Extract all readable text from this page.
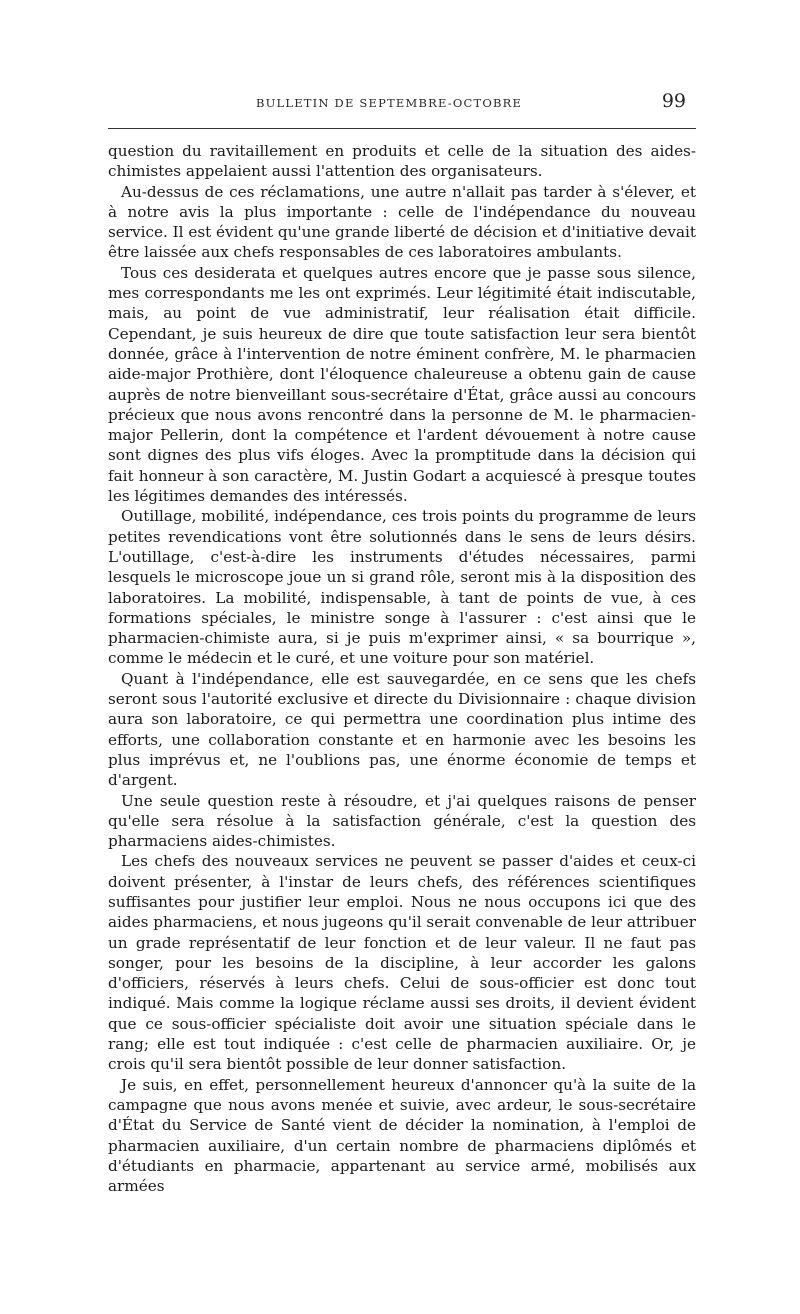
BULLETIN DE SEPTEMBRE-OCTOBRE	99

question du ravitaillement en produits et celle de la situation des aides-chimistes appelaient aussi l'attention des organisateurs.

Au-dessus de ces réclamations, une autre n'allait pas tarder à s'élever, et à notre avis la plus importante : celle de l'indépendance du nouveau service. Il est évident qu'une grande liberté de décision et d'initiative devait être laissée aux chefs responsables de ces laboratoires ambulants.

Tous ces desiderata et quelques autres encore que je passe sous silence, mes correspondants me les ont exprimés. Leur légitimité était indiscutable, mais, au point de vue administratif, leur réalisation était difficile. Cependant, je suis heureux de dire que toute satisfaction leur sera bientôt donnée, grâce à l'intervention de notre éminent confrère, M. le pharmacien aide-major Prothière, dont l'éloquence chaleureuse a obtenu gain de cause auprès de notre bienveillant sous-secrétaire d'État, grâce aussi au concours précieux que nous avons rencontré dans la personne de M. le pharmacien-major Pellerin, dont la compétence et l'ardent dévouement à notre cause sont dignes des plus vifs éloges. Avec la promptitude dans la décision qui fait honneur à son caractère, M. Justin Godart a acquiescé à presque toutes les légitimes demandes des intéressés.

Outillage, mobilité, indépendance, ces trois points du programme de leurs petites revendications vont être solutionnés dans le sens de leurs désirs. L'outillage, c'est-à-dire les instruments d'études nécessaires, parmi lesquels le microscope joue un si grand rôle, seront mis à la disposition des laboratoires. La mobilité, indispensable, à tant de points de vue, à ces formations spéciales, le ministre songe à l'assurer : c'est ainsi que le pharmacien-chimiste aura, si je puis m'exprimer ainsi, « sa bourrique », comme le médecin et le curé, et une voiture pour son matériel.

Quant à l'indépendance, elle est sauvegardée, en ce sens que les chefs seront sous l'autorité exclusive et directe du Divisionnaire : chaque division aura son laboratoire, ce qui permettra une coordination plus intime des efforts, une collaboration constante et en harmonie avec les besoins les plus imprévus et, ne l'oublions pas, une énorme économie de temps et d'argent.

Une seule question reste à résoudre, et j'ai quelques raisons de penser qu'elle sera résolue à la satisfaction générale, c'est la question des pharmaciens aides-chimistes.

Les chefs des nouveaux services ne peuvent se passer d'aides et ceux-ci doivent présenter, à l'instar de leurs chefs, des références scientifiques suffisantes pour justifier leur emploi. Nous ne nous occupons ici que des aides pharmaciens, et nous jugeons qu'il serait convenable de leur attribuer un grade représentatif de leur fonction et de leur valeur. Il ne faut pas songer, pour les besoins de la discipline, à leur accorder les galons d'officiers, réservés à leurs chefs. Celui de sous-officier est donc tout indiqué. Mais comme la logique réclame aussi ses droits, il devient évident que ce sous-officier spécialiste doit avoir une situation spéciale dans le rang; elle est tout indiquée : c'est celle de pharmacien auxiliaire. Or, je crois qu'il sera bientôt possible de leur donner satisfaction.

Je suis, en effet, personnellement heureux d'annoncer qu'à la suite de la campagne que nous avons menée et suivie, avec ardeur, le sous-secrétaire d'État du Service de Santé vient de décider la nomination, à l'emploi de pharmacien auxiliaire, d'un certain nombre de pharmaciens diplômés et d'étudiants en pharmacie, appartenant au service armé, mobilisés aux armées
